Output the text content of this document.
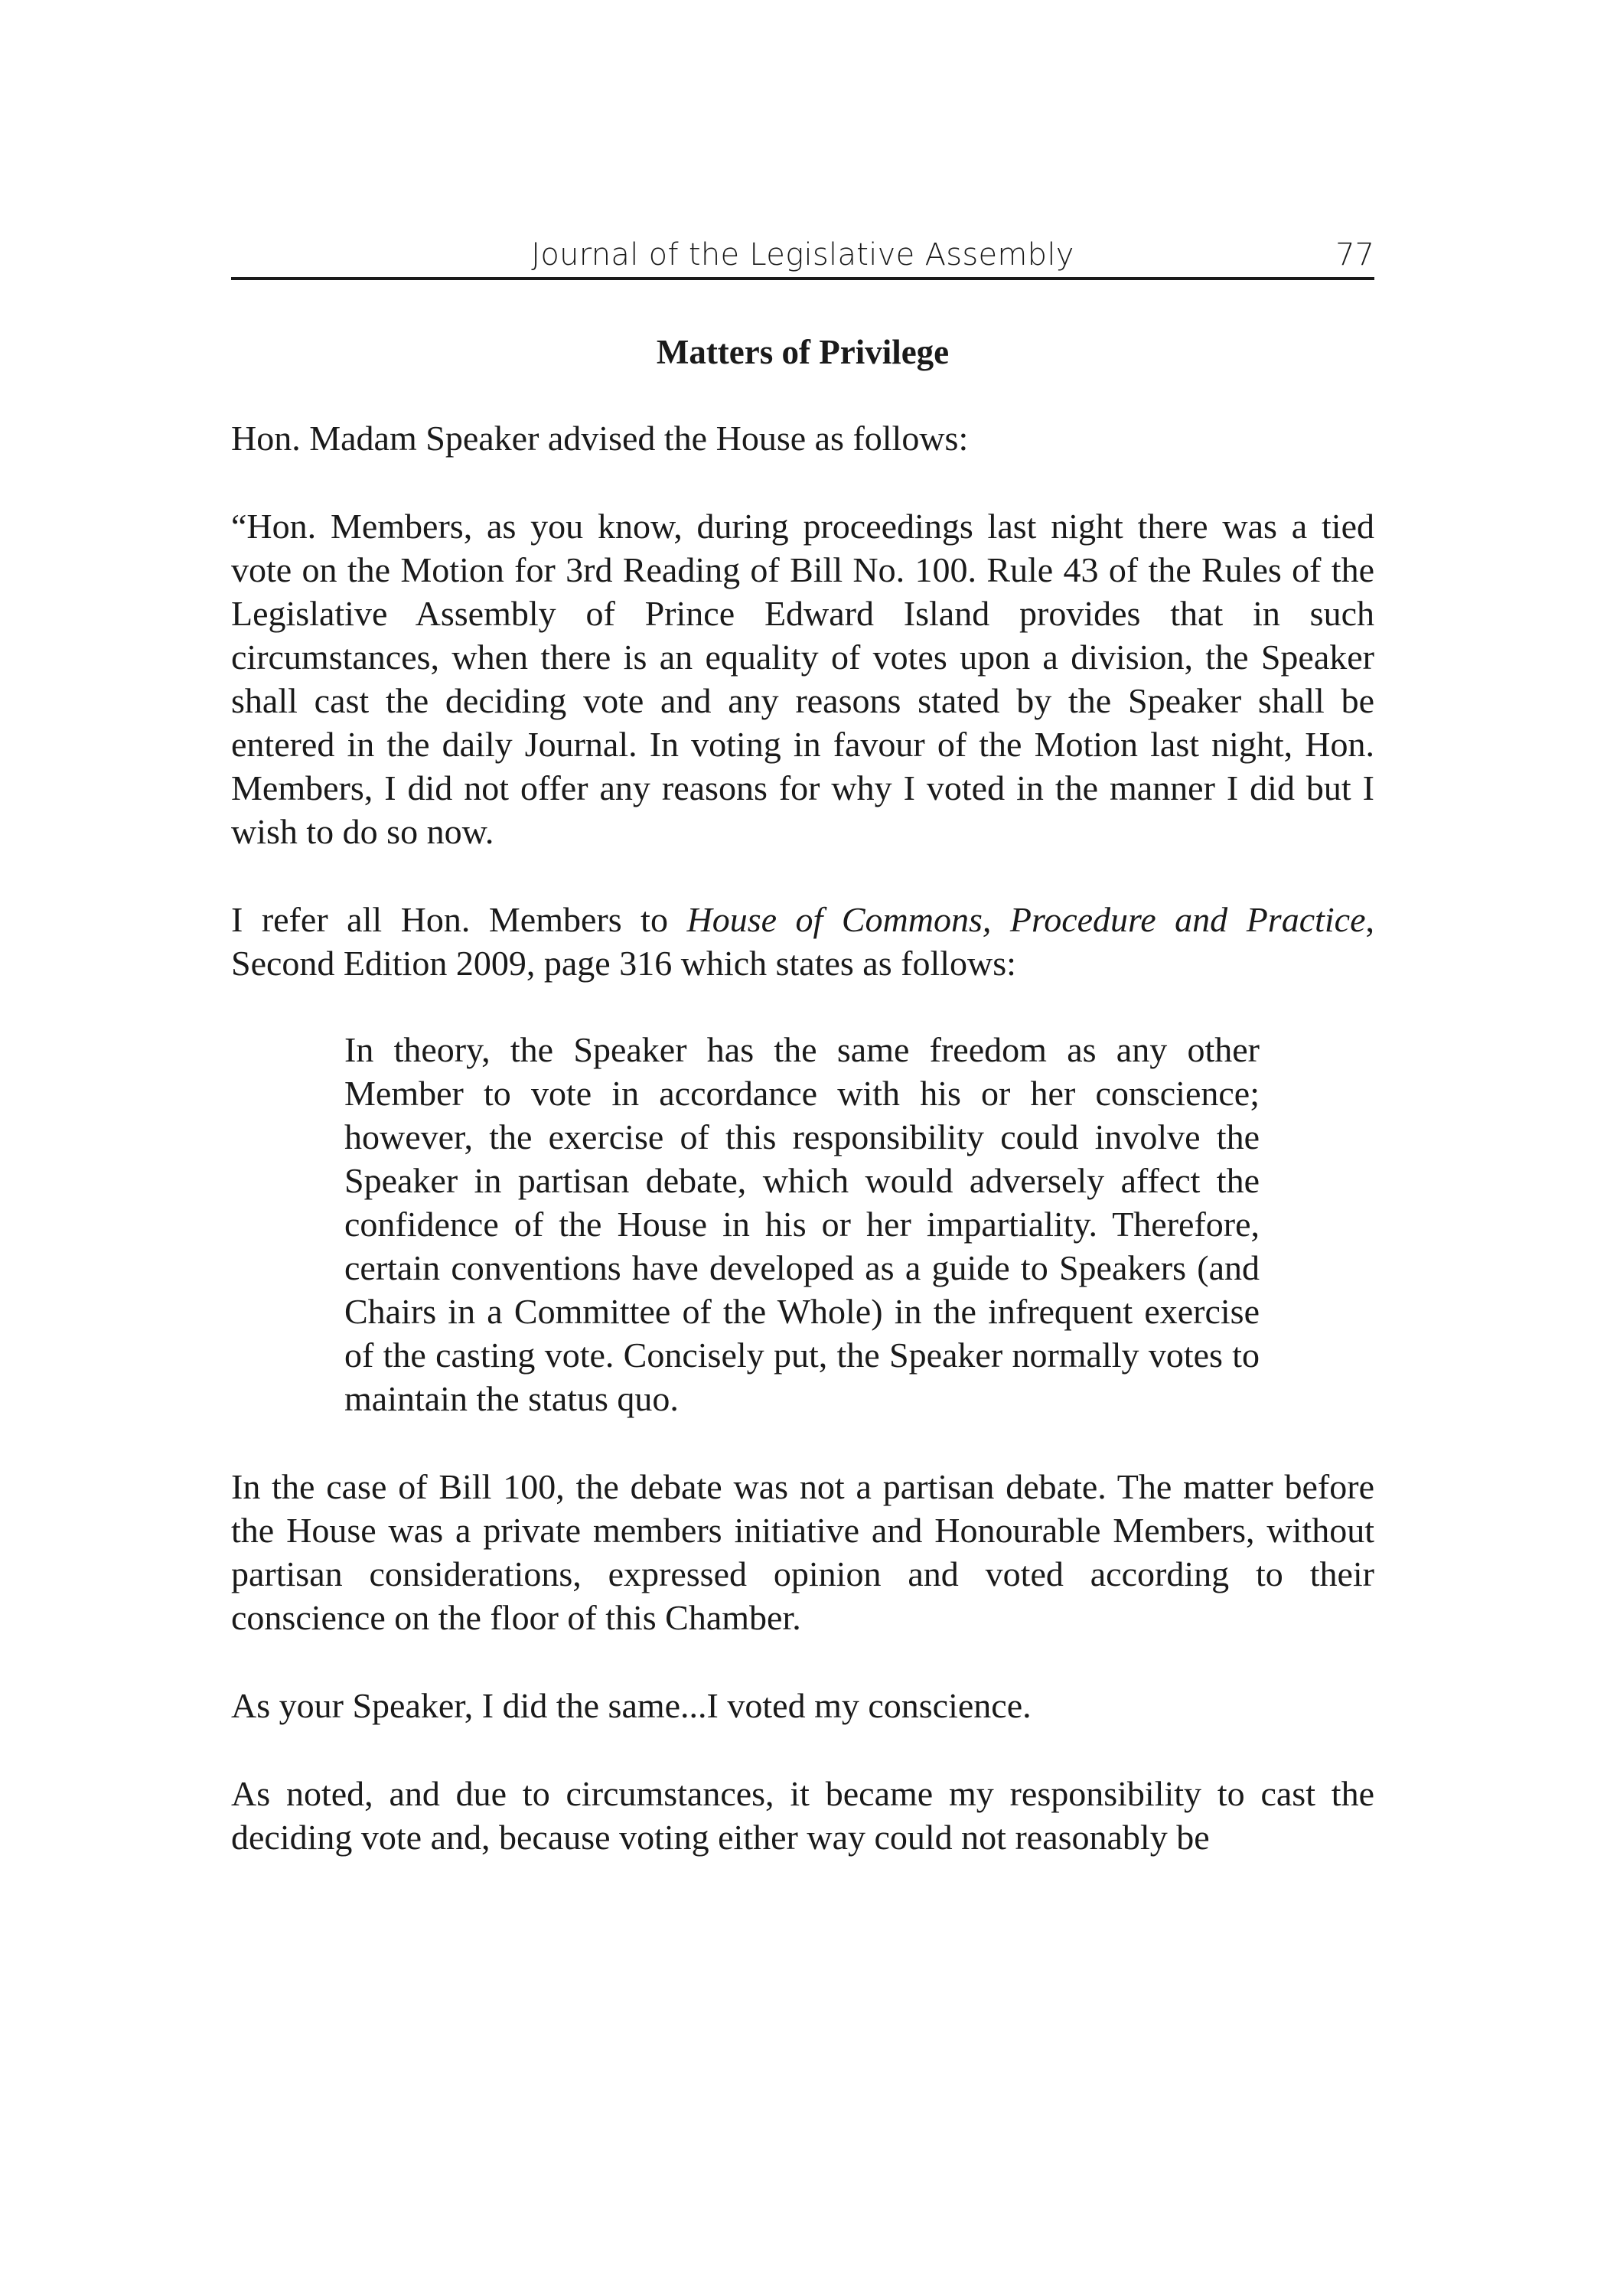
Journal of the Legislative Assembly	77
Matters of Privilege

Hon. Madam Speaker advised the House as follows:

“Hon. Members, as you know, during proceedings last night there was a tied vote on the Motion for 3rd Reading of Bill No. 100. Rule 43 of the Rules of the Legislative Assembly of Prince Edward Island provides that in such circumstances, when there is an equality of votes upon a division, the Speaker shall cast the deciding vote and any reasons stated by the Speaker shall be entered in the daily Journal. In voting in favour of the Motion last night, Hon. Members, I did not offer any reasons for why I voted in the manner I did but I wish to do so now.

I refer all Hon. Members to House of Commons, Procedure and Practice, Second Edition 2009, page 316 which states as follows:

In theory, the Speaker has the same freedom as any other Member to vote in accordance with his or her conscience; however, the exercise of this responsibility could involve the Speaker in partisan debate, which would adversely affect the confidence of the House in his or her impartiality. Therefore, certain conventions have developed as a guide to Speakers (and Chairs in a Committee of the Whole) in the infrequent exercise of the casting vote. Concisely put, the Speaker normally votes to maintain the status quo.

In the case of Bill 100, the debate was not a partisan debate. The matter before the House was a private members initiative and Honourable Members, without partisan considerations, expressed opinion and voted according to their conscience on the floor of this Chamber.

As your Speaker, I did the same...I voted my conscience.

As noted, and due to circumstances, it became my responsibility to cast the deciding vote and, because voting either way could not reasonably be
